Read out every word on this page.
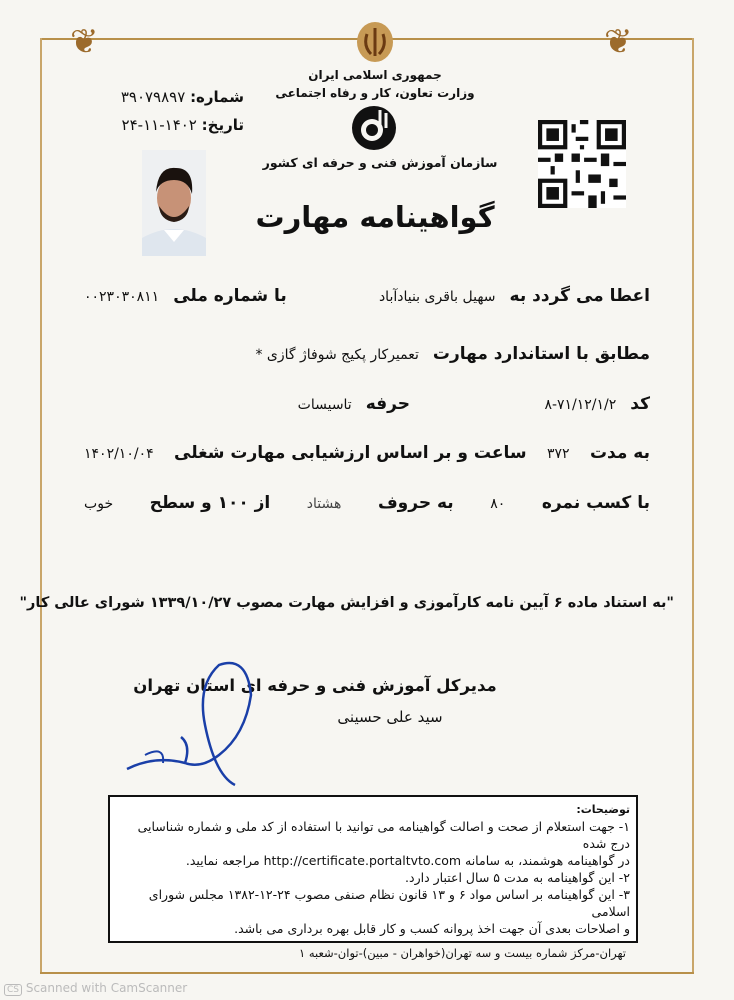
❦	❦
جمهوری اسلامی ایران
وزارت تعاون، کار و رفاه اجتماعی
سازمان آموزش فنی و حرفه ای کشور
شماره: ۳۹۰۷۹۸۹۷
تاریخ: ۱۴۰۲-۱۱-۲۴
گواهینامه مهارت
اعطا می گردد به
سهیل باقری بنیادآباد
با شماره ملی
۰۰۲۳۰۳۰۸۱۱
مطابق با استاندارد مهارت
تعمیرکار پکیج شوفاژ گازی *
کد
۸-۷۱/۱۲/۱/۲
حرفه
تاسیسات
به مدت
۳۷۲
ساعت و بر اساس ارزشیابی مهارت شغلی
۱۴۰۲/۱۰/۰۴
با کسب نمره
۸۰
به حروف
هشتاد
از ۱۰۰ و سطح
خوب
"به استناد ماده ۶ آیین نامه کارآموزی و افزایش مهارت مصوب ۱۳۳۹/۱۰/۲۷ شورای عالی کار"
مدیرکل آموزش فنی و حرفه ای استان تهران
سید علی حسینی
توضیحات:
۱- جهت استعلام از صحت و اصالت گواهینامه می توانید با استفاده از کد ملی و شماره شناسایی درج شده
در گواهینامه هوشمند، به سامانه http://certificate.portaltvto.com مراجعه نمایید.
۲- این گواهینامه به مدت ۵ سال اعتبار دارد.
۳- این گواهینامه بر اساس مواد ۶ و ۱۳ قانون نظام صنفی مصوب ۲۴-۱۲-۱۳۸۲ مجلس شورای اسلامی
و اصلاحات بعدی آن جهت اخذ پروانه کسب و کار قابل بهره برداری می باشد.
تهران-مرکز شماره بیست و سه تهران(خواهران - مبین)-توان-شعبه ۱
CS Scanned with CamScanner
